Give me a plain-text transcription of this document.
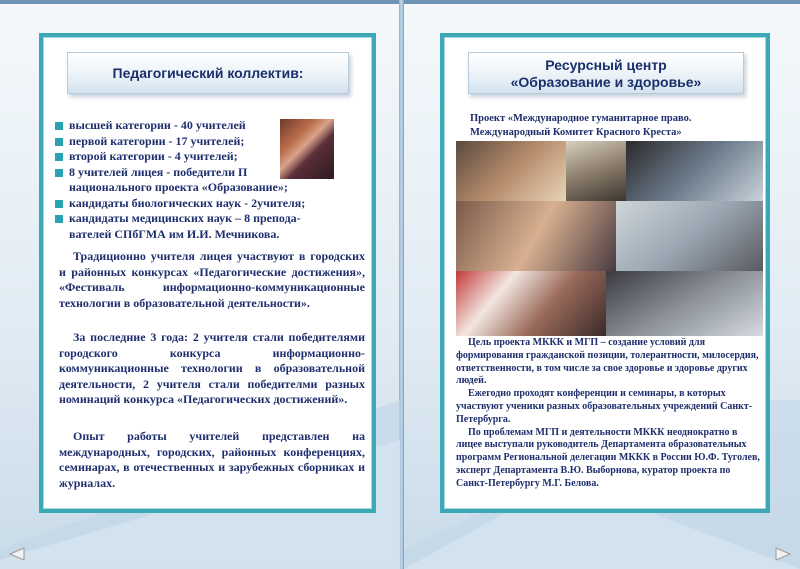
Педагогический коллектив:
высшей категории - 40 учителей
первой категории - 17 учителей;
второй категории - 4 учителей;
8 учителей лицея - победители П
национального проекта «Образование»;
кандидаты биологических наук - 2учителя;
кандидаты медицинских наук – 8 препода-
вателей СПбГМА им И.И. Мечникова.

Традиционно учителя лицея участвуют в городских и районных конкурсах «Педагогические достижения», «Фестиваль информационно-коммуникационные технологии в образовательной деятельности».

За последние 3 года: 2 учителя стали победителями городского конкурса информационно-коммуникационные технологии в образовательной деятельности, 2 учителя стали победителми разных номинаций конкурса «Педагогических достижений».

Опыт работы учителей представлен на международных, городских, районных конференциях, семинарах, в отечественных и зарубежных сборниках и журналах.

Ресурсный центр
«Образование и здоровье»
Проект «Международное гуманитарное право.
Международный Комитет Красного Креста»

Цель проекта МККК и МГП – создание условий для формирования гражданской позиции, толерантности, милосердия, ответственности, в том числе за свое здоровье и здоровье других людей.

Ежегодно проходят конференции и семинары, в которых участвуют ученики разных образовательных учреждений Санкт-Петербурга.

По проблемам МГП и деятельности МККК неоднократно в лицее выступали руководитель Департамента образовательных программ Региональной делегации МККК в России Ю.Ф. Туголев, эксперт Департамента В.Ю. Выборнова, куратор проекта по Санкт-Петербургу М.Г. Белова.
